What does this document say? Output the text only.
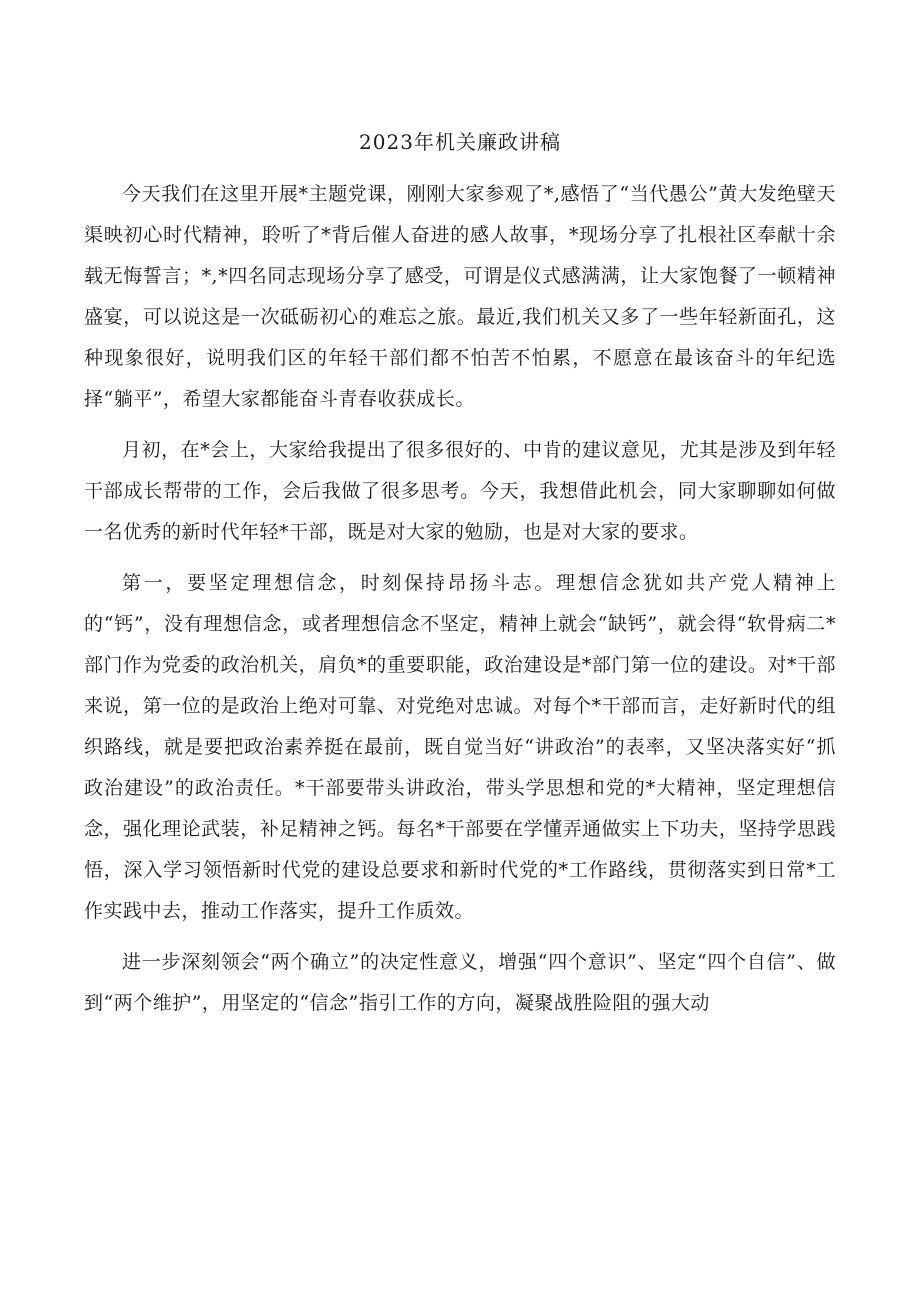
2023年机关廉政讲稿

今天我们在这里开展*主题党课，刚刚大家参观了*,感悟了“当代愚公”黄大发绝壁天渠映初心时代精神，聆听了*背后催人奋进的感人故事，*现场分享了扎根社区奉献十余载无悔誓言；*,*四名同志现场分享了感受，可谓是仪式感满满，让大家饱餐了一顿精神盛宴，可以说这是一次砥砺初心的难忘之旅。最近,我们机关又多了一些年轻新面孔，这种现象很好，说明我们区的年轻干部们都不怕苦不怕累，不愿意在最该奋斗的年纪选择“躺平”，希望大家都能奋斗青春收获成长。

月初，在*会上，大家给我提出了很多很好的、中肯的建议意见，尤其是涉及到年轻干部成长帮带的工作，会后我做了很多思考。今天，我想借此机会，同大家聊聊如何做一名优秀的新时代年轻*干部，既是对大家的勉励，也是对大家的要求。

第一，要坚定理想信念，时刻保持昂扬斗志。理想信念犹如共产党人精神上的“钙”，没有理想信念，或者理想信念不坚定，精神上就会“缺钙”，就会得“软骨病二*部门作为党委的政治机关，肩负*的重要职能，政治建设是*部门第一位的建设。对*干部来说，第一位的是政治上绝对可靠、对党绝对忠诚。对每个*干部而言，走好新时代的组织路线，就是要把政治素养挺在最前，既自觉当好“讲政治”的表率，又坚决落实好“抓政治建设”的政治责任。*干部要带头讲政治，带头学思想和党的*大精神，坚定理想信念，强化理论武装，补足精神之钙。每名*干部要在学懂弄通做实上下功夫，坚持学思践悟，深入学习领悟新时代党的建设总要求和新时代党的*工作路线，贯彻落实到日常*工作实践中去，推动工作落实，提升工作质效。

进一步深刻领会“两个确立”的决定性意义，增强“四个意识”、坚定“四个自信”、做到“两个维护”，用坚定的“信念”指引工作的方向，凝聚战胜险阻的强大动
